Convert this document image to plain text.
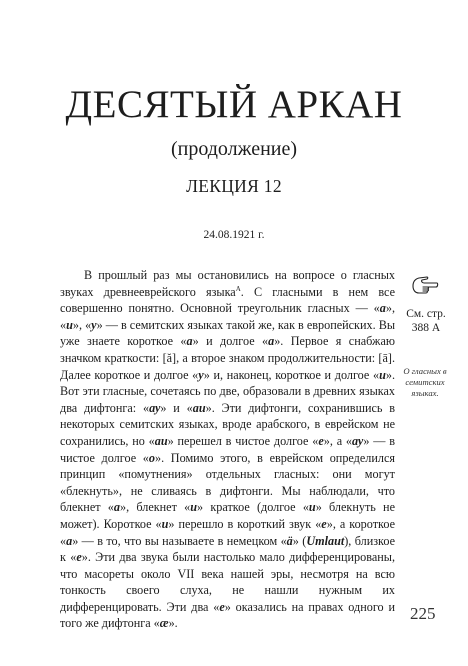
ДЕСЯТЫЙ АРКАН
(продолжение)
ЛЕКЦИЯ 12
24.08.1921 г.

В прошлый раз мы остановились на вопросе о гласных звуках древнееврейского языка$^A$. С гласными в нем все совершенно понятно. Основной треугольник гласных — «а», «и», «у» — в семитских языках такой же, как в европейских. Вы уже знаете короткое «а» и долгое «а». Первое я снабжаю значком краткости: [ă], а второе знаком продолжительности: [ā]. Далее короткое и долгое «у» и, наконец, короткое и долгое «и». Вот эти гласные, сочетаясь по две, образовали в древних языках два дифтонга: «ау» и «аи». Эти дифтонги, сохранившись в некоторых семитских языках, вроде арабского, в еврейском не сохранились, но «аи» перешел в чистое долгое «е», а «ау» — в чистое долгое «о». Помимо этого, в еврейском определился принцип «помутнения» отдельных гласных: они могут «блекнуть», не сливаясь в дифтонги. Мы наблюдали, что блекнет «а», блекнет «и» краткое (долгое «и» блекнуть не может). Короткое «и» перешло в короткий звук «е», а короткое «а» — в то, что вы называете в немецком «ä» (Umlaut), близкое к «е». Эти два звука были настолько мало дифференцированы, что масореты около VII века нашей эры, несмотря на всю тонкость своего слуха, не нашли нужным их дифференцировать. Эти два «е» оказались на правах одного и того же дифтонга «æ».

См. стр.
388 А
О гласных в
семитских
языках.
225
